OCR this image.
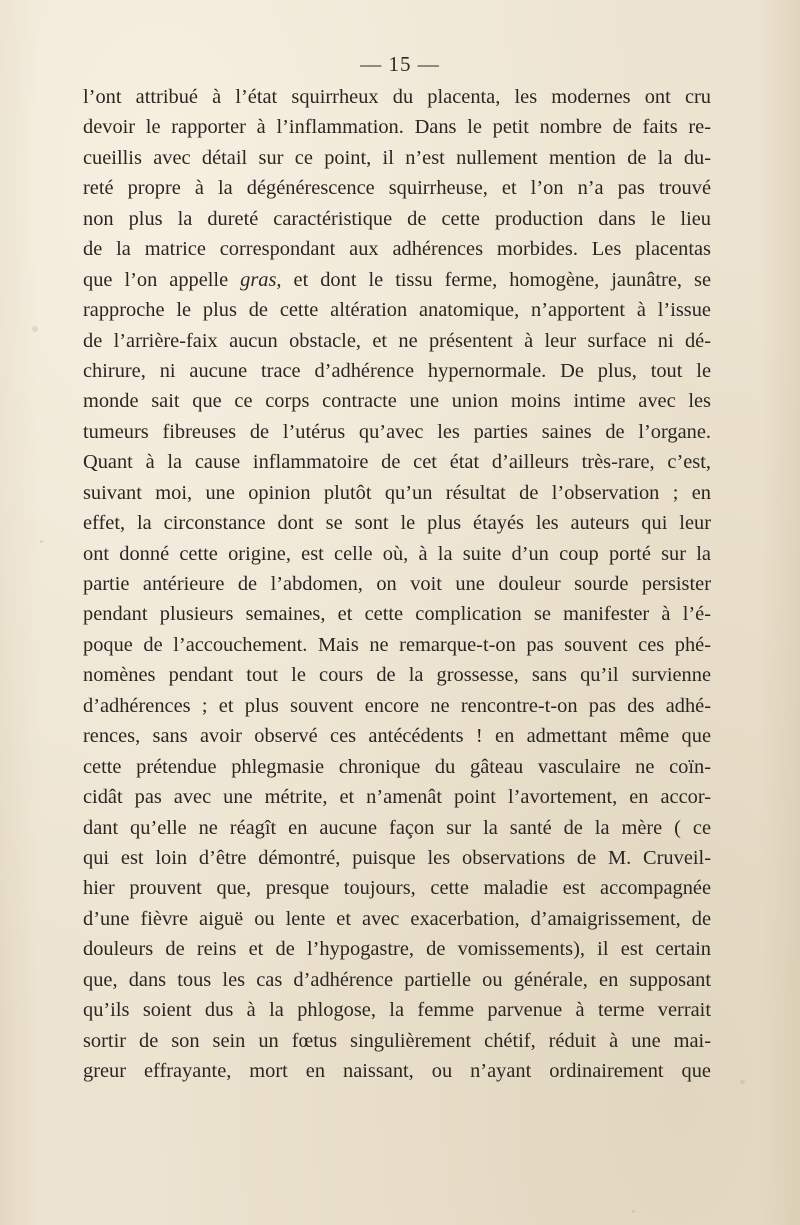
— 15 —
l’ont attribué à l’état squirrheux du placenta, les modernes ont cru
devoir le rapporter à l’inflammation. Dans le petit nombre de faits re-
cueillis avec détail sur ce point, il n’est nullement mention de la du-
reté propre à la dégénérescence squirrheuse, et l’on n’a pas trouvé
non plus la dureté caractéristique de cette production dans le lieu
de la matrice correspondant aux adhérences morbides. Les placentas
que l’on appelle gras, et dont le tissu ferme, homogène, jaunâtre, se
rapproche le plus de cette altération anatomique, n’apportent à l’issue
de l’arrière-faix aucun obstacle, et ne présentent à leur surface ni dé-
chirure, ni aucune trace d’adhérence hypernormale. De plus, tout le
monde sait que ce corps contracte une union moins intime avec les
tumeurs fibreuses de l’utérus qu’avec les parties saines de l’organe.
Quant à la cause inflammatoire de cet état d’ailleurs très-rare, c’est,
suivant moi, une opinion plutôt qu’un résultat de l’observation ; en
effet, la circonstance dont se sont le plus étayés les auteurs qui leur
ont donné cette origine, est celle où, à la suite d’un coup porté sur la
partie antérieure de l’abdomen, on voit une douleur sourde persister
pendant plusieurs semaines, et cette complication se manifester à l’é-
poque de l’accouchement. Mais ne remarque-t-on pas souvent ces phé-
nomènes pendant tout le cours de la grossesse, sans qu’il survienne
d’adhérences ; et plus souvent encore ne rencontre-t-on pas des adhé-
rences, sans avoir observé ces antécédents ! en admettant même que
cette prétendue phlegmasie chronique du gâteau vasculaire ne coïn-
cidât pas avec une métrite, et n’amenât point l’avortement, en accor-
dant qu’elle ne réagît en aucune façon sur la santé de la mère ( ce
qui est loin d’être démontré, puisque les observations de M. Cruveil-
hier prouvent que, presque toujours, cette maladie est accompagnée
d’une fièvre aiguë ou lente et avec exacerbation, d’amaigrissement, de
douleurs de reins et de l’hypogastre, de vomissements), il est certain
que, dans tous les cas d’adhérence partielle ou générale, en supposant
qu’ils soient dus à la phlogose, la femme parvenue à terme verrait
sortir de son sein un fœtus singulièrement chétif, réduit à une mai-
greur effrayante, mort en naissant, ou n’ayant ordinairement que
